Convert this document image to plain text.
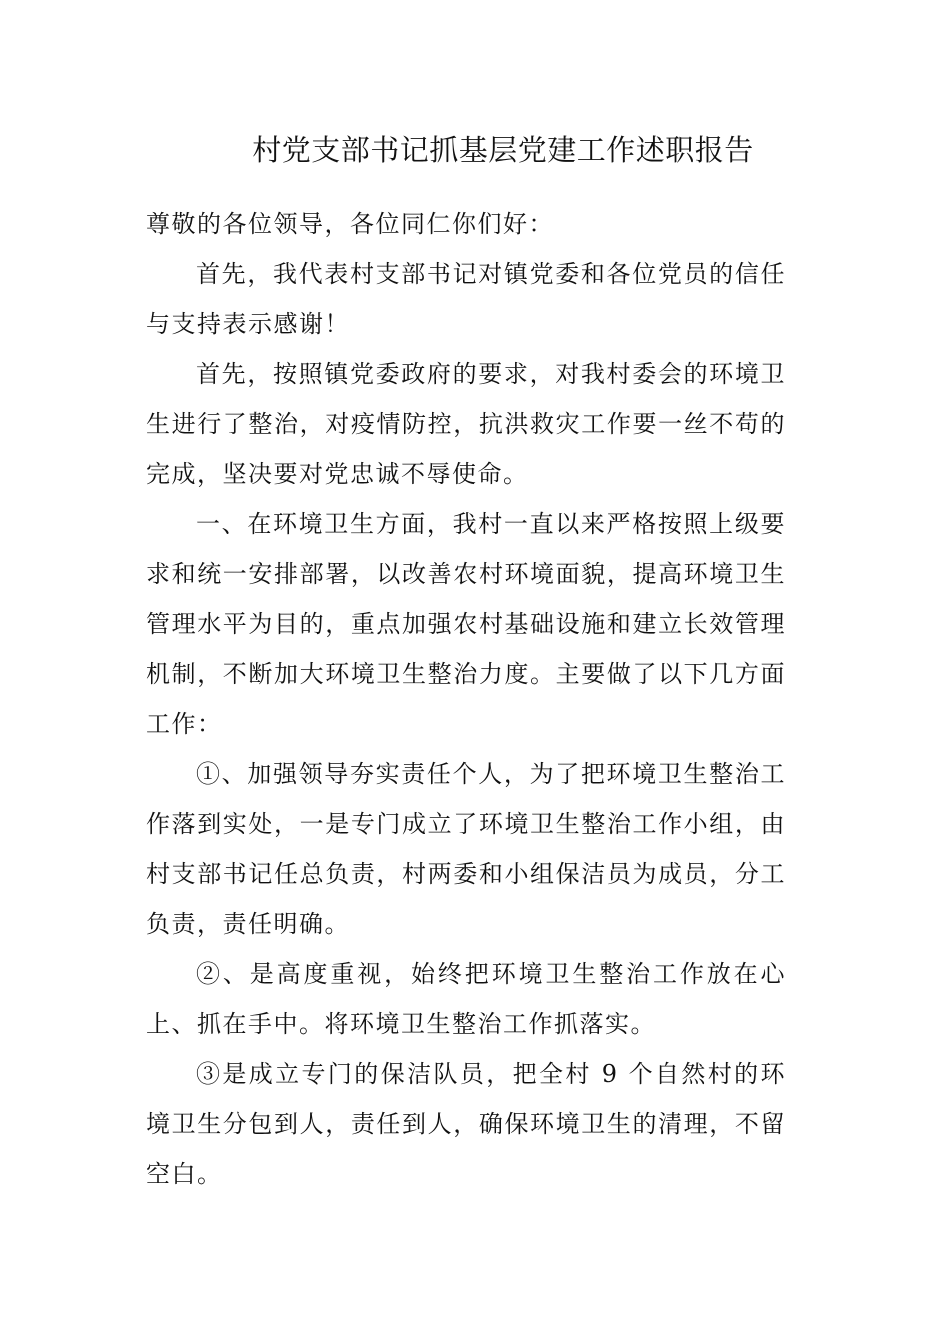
村党支部书记抓基层党建工作述职报告

尊敬的各位领导，各位同仁你们好：

首先，我代表村支部书记对镇党委和各位党员的信任与支持表示感谢！

首先，按照镇党委政府的要求，对我村委会的环境卫生进行了整治，对疫情防控，抗洪救灾工作要一丝不苟的完成，坚决要对党忠诚不辱使命。

一、在环境卫生方面，我村一直以来严格按照上级要求和统一安排部署，以改善农村环境面貌，提高环境卫生管理水平为目的，重点加强农村基础设施和建立长效管理机制，不断加大环境卫生整治力度。主要做了以下几方面工作：

①、加强领导夯实责任个人，为了把环境卫生整治工作落到实处，一是专门成立了环境卫生整治工作小组，由村支部书记任总负责，村两委和小组保洁员为成员，分工负责，责任明确。

②、是高度重视，始终把环境卫生整治工作放在心上、抓在手中。将环境卫生整治工作抓落实。

③是成立专门的保洁队员，把全村 9 个自然村的环境卫生分包到人，责任到人，确保环境卫生的清理，不留空白。
